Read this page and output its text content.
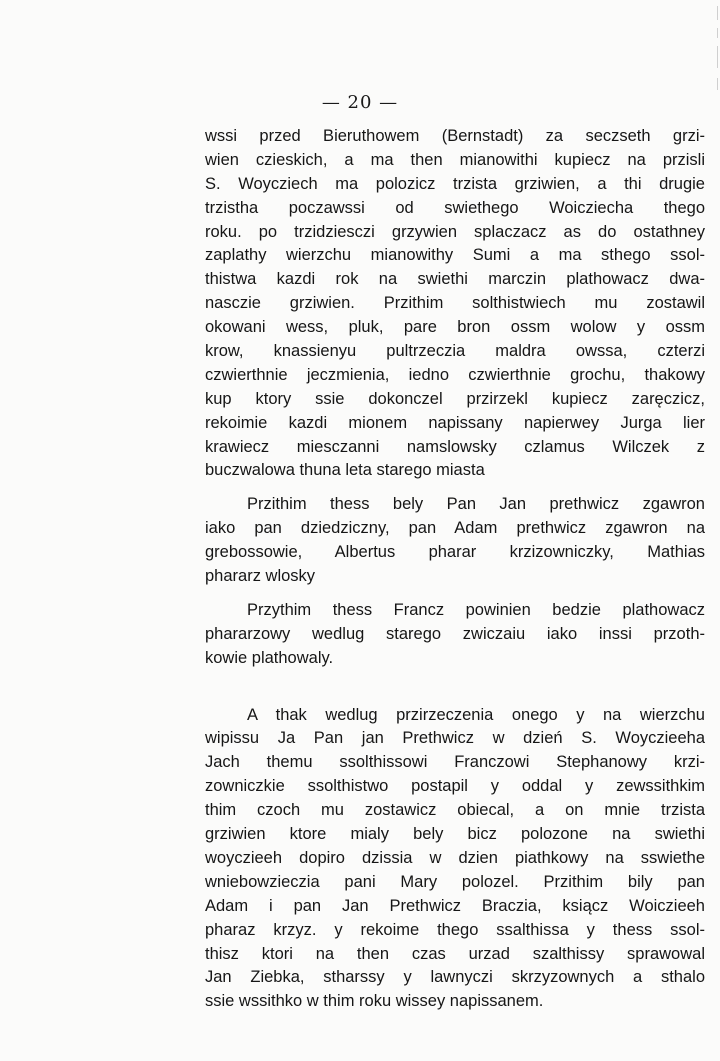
— 20 —
wssi przed Bieruthowem (Bernstadt) za seczseth grzi-
wien czieskich, a ma then mianowithi kupiecz na przisli
S. Woycziech ma polozicz trzista grziwien, a thi drugie
trzistha poczawssi od swiethego Woicziecha thego
roku. po trzidziesczi grzywien splaczacz as do ostathney
zaplathy wierzchu mianowithy Sumi a ma sthego ssol-
thistwa kazdi rok na swiethi marczin plathowacz dwa-
nasczie grziwien. Przithim solthistwiech mu zostawil
okowani wess, pluk, pare bron ossm wolow y ossm
krow, knassienyu pultrzeczia maldra owssa, czterzi
czwierthnie jeczmienia, iedno czwierthnie grochu, thakowy
kup ktory ssie dokonczel przirzekl kupiecz zaręczicz,
rekoimie kazdi mionem napissany napierwey Jurga lier
krawiecz miesczanni namslowsky czlamus Wilczek z
buczwalowa thuna leta starego miasta
Przithim thess bely Pan Jan prethwicz zgawron
iako pan dziedziczny, pan Adam prethwicz zgawron na
grebossowie, Albertus pharar krzizowniczky, Mathias
phararz wlosky
Przythim thess Francz powinien bedzie plathowacz
phararzowy wedlug starego zwiczaiu iako inssi przoth-
kowie plathowaly.
A thak wedlug przirzeczenia onego y na wierzchu
wipissu Ja Pan jan Prethwicz w dzień S. Woyczieeha
Jach themu ssolthissowi Franczowi Stephanowy krzi-
zowniczkie ssolthistwo postapil y oddal y zewssithkim
thim czoch mu zostawicz obiecal, a on mnie trzista
grziwien ktore mialy bely bicz polozone na swiethi
woyczieeh dopiro dzissia w dzien piathkowy na sswiethe
wniebowzieczia pani Mary polozel. Przithim bily pan
Adam i pan Jan Prethwicz Braczia, ksiącz Woiczieeh
pharaz krzyz. y rekoime thego ssalthissa y thess ssol-
thisz ktori na then czas urzad szalthissy sprawowal
Jan Ziebka, stharssy y lawnyczi skrzyzownych a sthalo
ssie wssithko w thim roku wissey napissanem.
